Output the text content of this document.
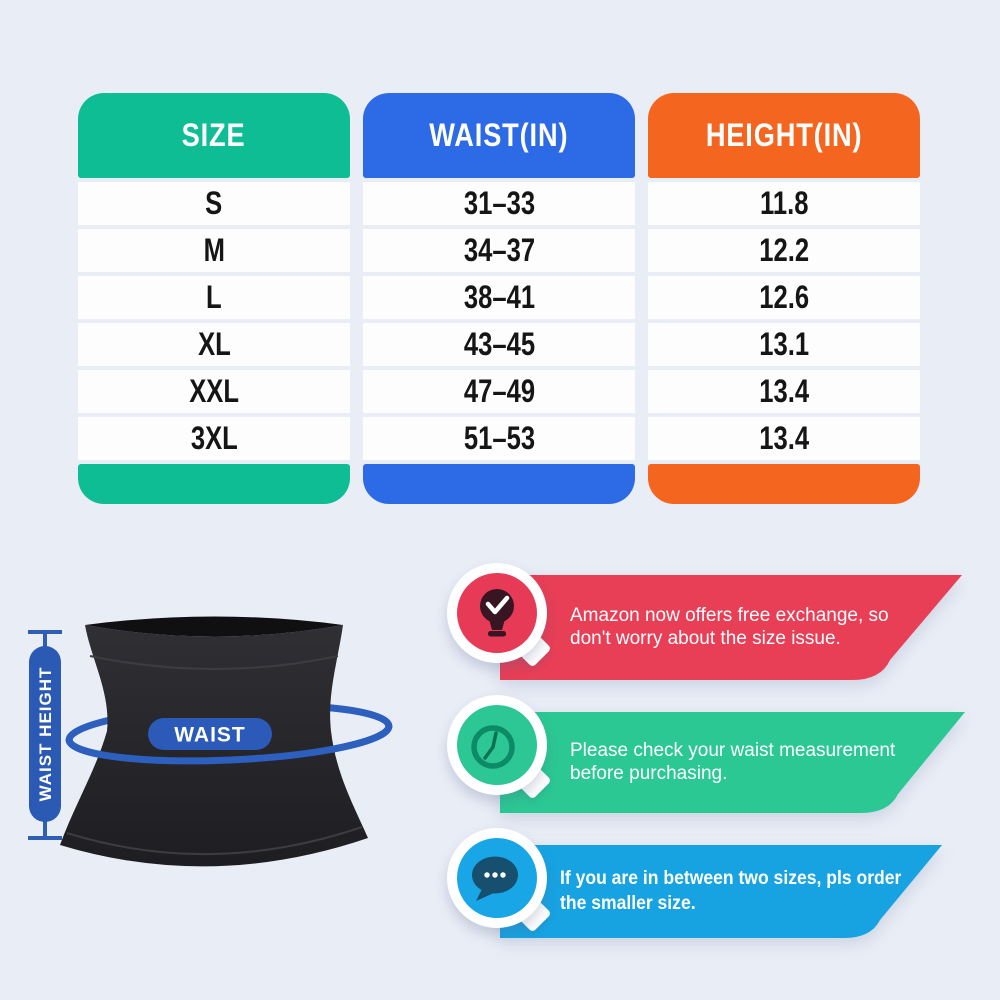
SIZE
S
M
L
XL
XXL
3XL
WAIST(IN)
31–33
34–37
38–41
43–45
47–49
51–53
HEIGHT(IN)
11.8
12.2
12.6
13.1
13.4
13.4
WAIST HEIGHT	WAIST
Amazon now offers free exchange, so
don't worry about the size issue.
Please check your waist measurement
before purchasing.
If you are in between two sizes, pls order
the smaller size.
